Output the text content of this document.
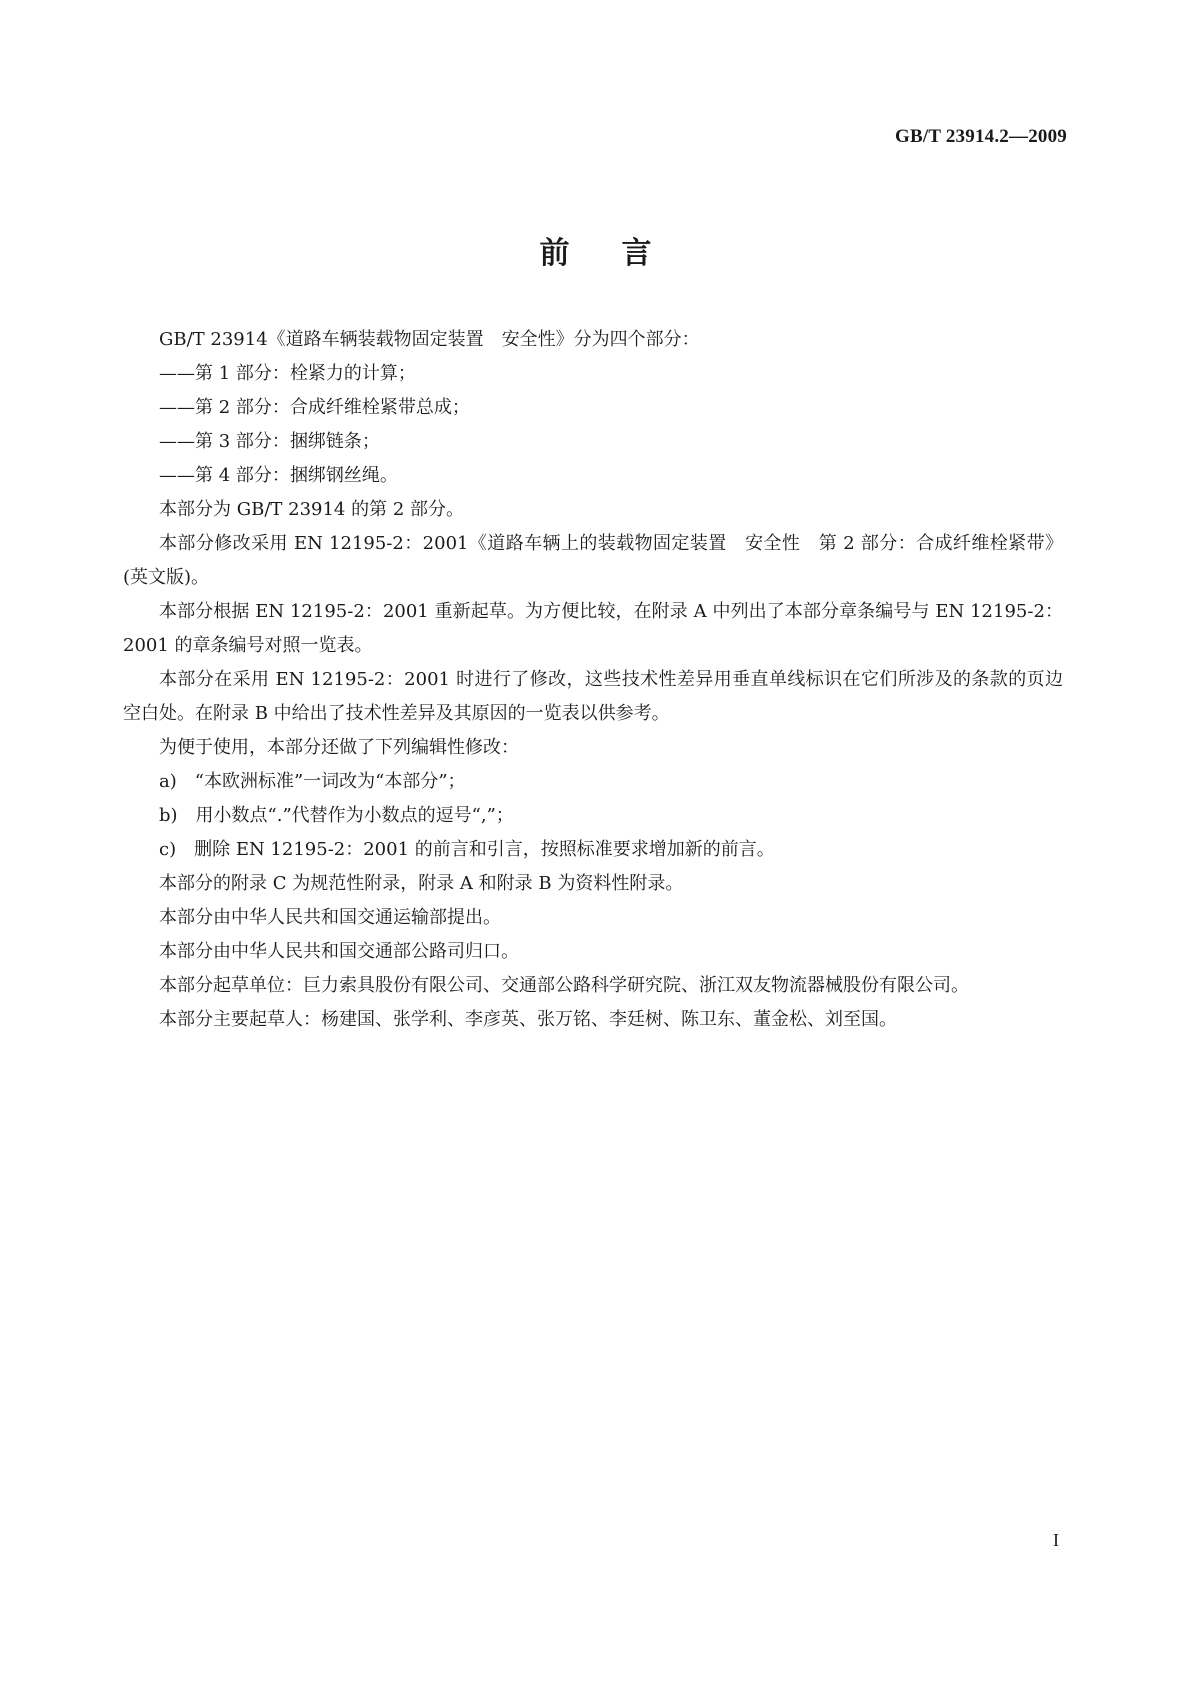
GB/T 23914.2—2009
前言

GB/T 23914《道路车辆装载物固定装置　安全性》分为四个部分：

——第 1 部分：栓紧力的计算；

——第 2 部分：合成纤维栓紧带总成；

——第 3 部分：捆绑链条；

——第 4 部分：捆绑钢丝绳。

本部分为 GB/T 23914 的第 2 部分。

本部分修改采用 EN 12195-2：2001《道路车辆上的装载物固定装置　安全性　第 2 部分：合成纤维栓紧带》(英文版)。

本部分根据 EN 12195-2：2001 重新起草。为方便比较，在附录 A 中列出了本部分章条编号与 EN 12195-2：2001 的章条编号对照一览表。

本部分在采用 EN 12195-2：2001 时进行了修改，这些技术性差异用垂直单线标识在它们所涉及的条款的页边空白处。在附录 B 中给出了技术性差异及其原因的一览表以供参考。

为便于使用，本部分还做了下列编辑性修改：

a)　“本欧洲标准”一词改为“本部分”；

b)　用小数点“.”代替作为小数点的逗号“,”；

c)　删除 EN 12195-2：2001 的前言和引言，按照标准要求增加新的前言。

本部分的附录 C 为规范性附录，附录 A 和附录 B 为资料性附录。

本部分由中华人民共和国交通运输部提出。

本部分由中华人民共和国交通部公路司归口。

本部分起草单位：巨力索具股份有限公司、交通部公路科学研究院、浙江双友物流器械股份有限公司。

本部分主要起草人：杨建国、张学利、李彦英、张万铭、李廷树、陈卫东、董金松、刘至国。

I
